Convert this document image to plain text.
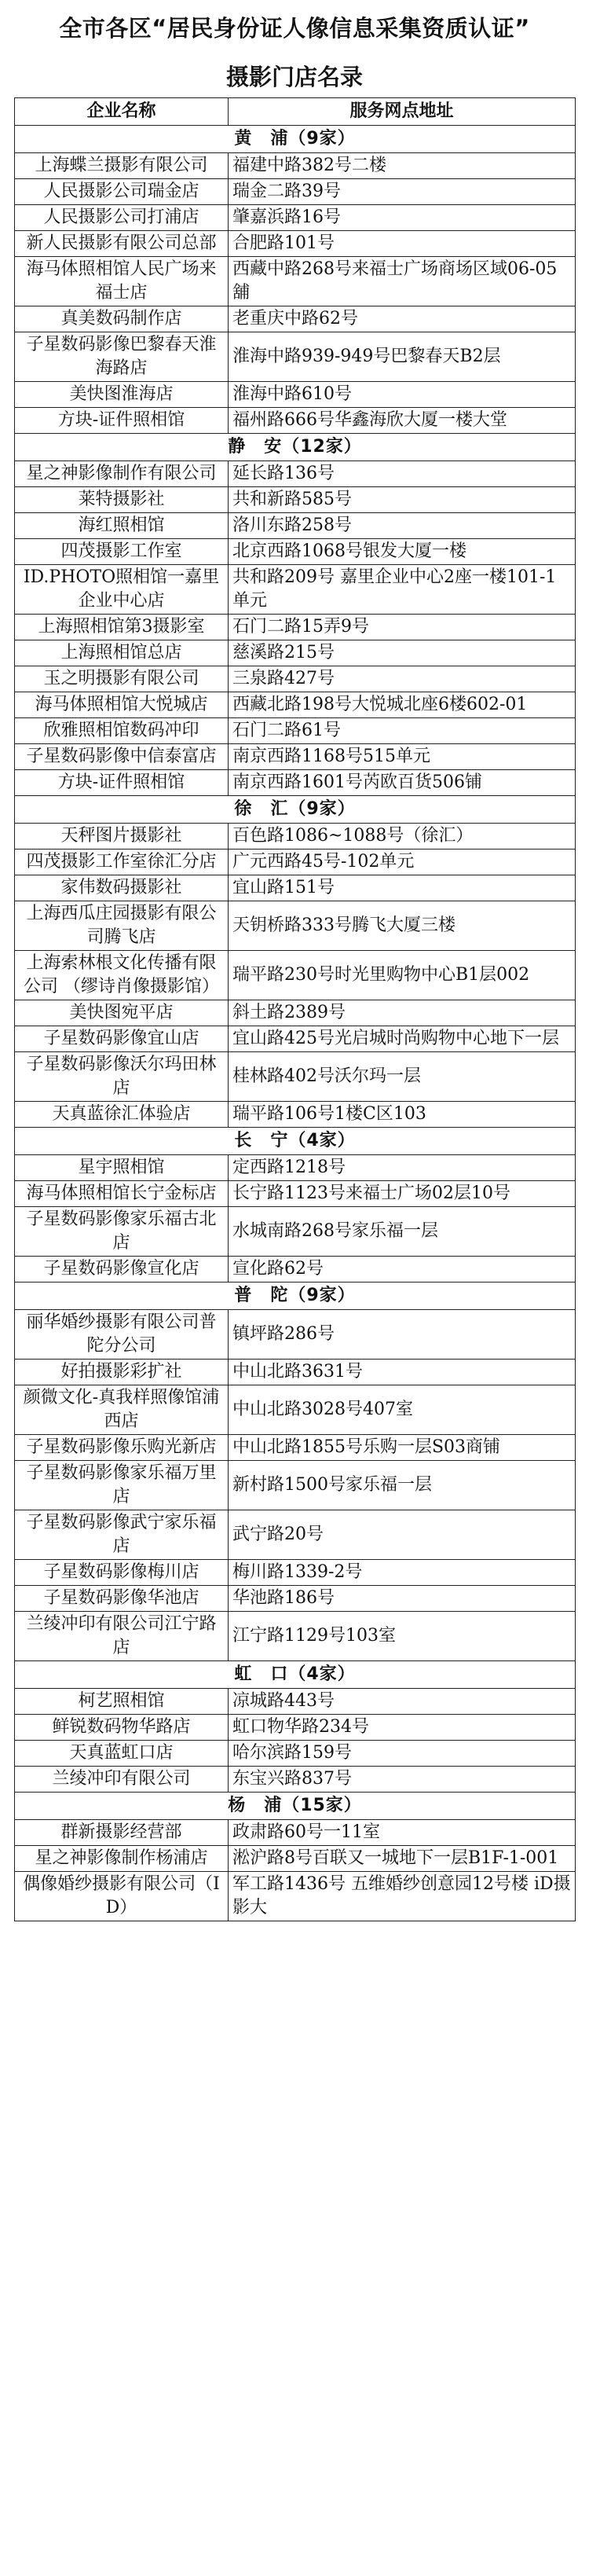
全市各区“居民身份证人像信息采集资质认证”
摄影门店名录
企业名称	服务网点地址
黄　浦（9家）	
上海蝶兰摄影有限公司	福建中路382号二楼
人民摄影公司瑞金店	瑞金二路39号
人民摄影公司打浦店	肇嘉浜路16号
新人民摄影有限公司总部	合肥路101号
海马体照相馆人民广场来福士店	西藏中路268号来福士广场商场区域06-05舖
真美数码制作店	老重庆中路62号
子星数码影像巴黎春天淮海路店	淮海中路939-949号巴黎春天B2层
美快图淮海店	淮海中路610号
方块-证件照相馆	福州路666号华鑫海欣大厦一楼大堂
静　安（12家）	
星之神影像制作有限公司	延长路136号
莱特摄影社	共和新路585号
海红照相馆	洛川东路258号
四茂摄影工作室	北京西路1068号银发大厦一楼
ID.PHOTO照相馆一嘉里企业中心店	共和路209号 嘉里企业中心2座一楼101-1单元
上海照相馆第3摄影室	石门二路15弄9号
上海照相馆总店	慈溪路215号
玉之明摄影有限公司	三泉路427号
海马体照相馆大悦城店	西藏北路198号大悦城北座6楼602-01
欣雅照相馆数码冲印	石门二路61号
子星数码影像中信泰富店	南京西路1168号515单元
方块-证件照相馆	南京西路1601号芮欧百货506铺
徐　汇（9家）	
天秤图片摄影社	百色路1086~1088号（徐汇）
四茂摄影工作室徐汇分店	广元西路45号-102单元
家伟数码摄影社	宜山路151号
上海西瓜庄园摄影有限公司腾飞店	天钥桥路333号腾飞大厦三楼
上海索林根文化传播有限公司 （缪诗肖像摄影馆）	瑞平路230号时光里购物中心B1层002
美快图宛平店	斜土路2389号
子星数码影像宜山店	宜山路425号光启城时尚购物中心地下一层
子星数码影像沃尔玛田林店	桂林路402号沃尔玛一层
天真蓝徐汇体验店	瑞平路106号1楼C区103
长　宁（4家）	
星宇照相馆	定西路1218号
海马体照相馆长宁金标店	长宁路1123号来福士广场02层10号
子星数码影像家乐福古北店	水城南路268号家乐福一层
子星数码影像宣化店	宣化路62号
普　陀（9家）	
丽华婚纱摄影有限公司普陀分公司	镇坪路286号
好拍摄影彩扩社	中山北路3631号
颜微文化-真我样照像馆浦西店	中山北路3028号407室
子星数码影像乐购光新店	中山北路1855号乐购一层S03商铺
子星数码影像家乐福万里店	新村路1500号家乐福一层
子星数码影像武宁家乐福店	武宁路20号
子星数码影像梅川店	梅川路1339-2号
子星数码影像华池店	华池路186号
兰绫冲印有限公司江宁路店	江宁路1129号103室
虹　口（4家）	
柯艺照相馆	凉城路443号
鲜锐数码物华路店	虹口物华路234号
天真蓝虹口店	哈尔滨路159号
兰绫冲印有限公司	东宝兴路837号
杨　浦（15家）	
群新摄影经营部	政肃路60号一11室
星之神影像制作杨浦店	淞沪路8号百联又一城地下一层B1F-1-001
偶像婚纱摄影有限公司（ID）	军工路1436号 五维婚纱创意园12号楼 iD摄影大
